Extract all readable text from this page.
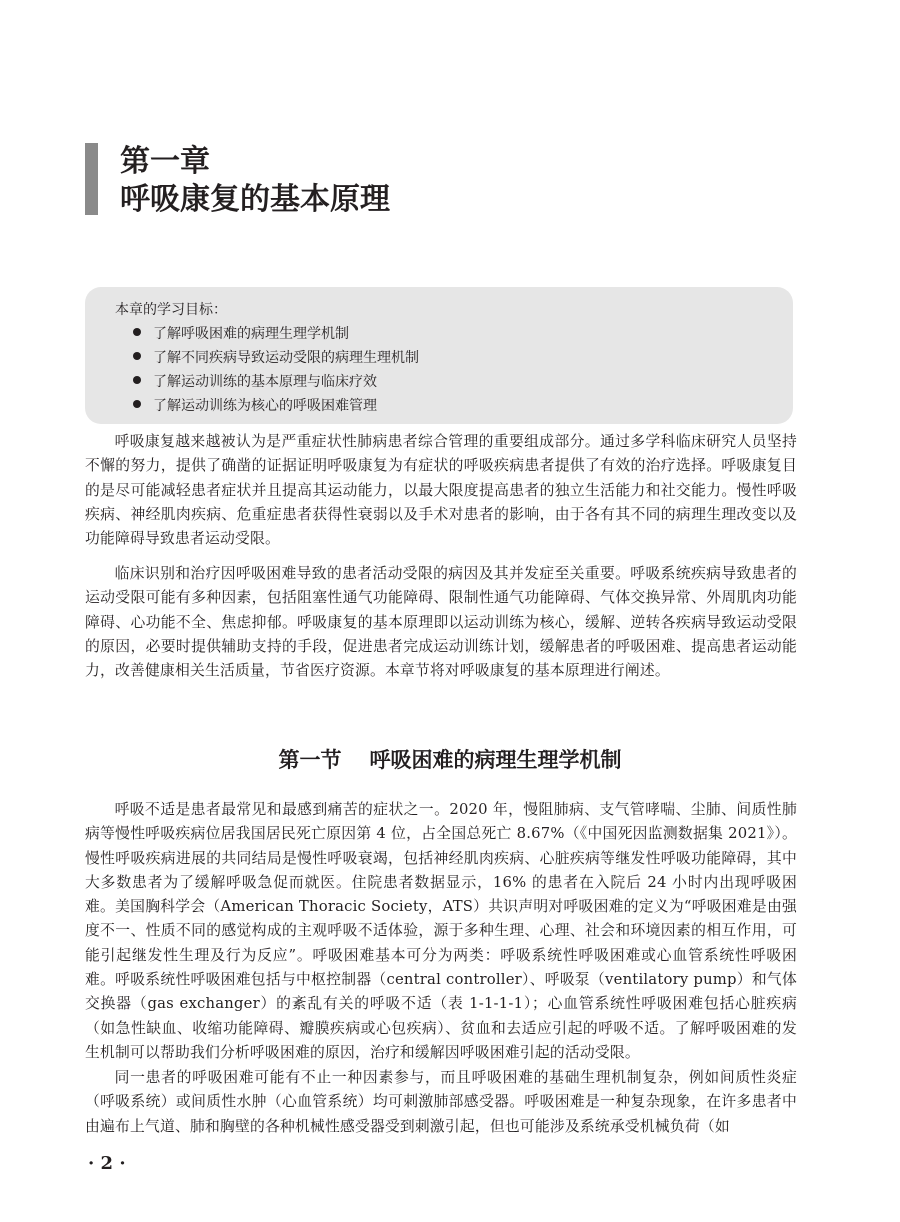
第一章
呼吸康复的基本原理
本章的学习目标：
了解呼吸困难的病理生理学机制
了解不同疾病导致运动受限的病理生理机制
了解运动训练的基本原理与临床疗效
了解运动训练为核心的呼吸困难管理

呼吸康复越来越被认为是严重症状性肺病患者综合管理的重要组成部分。通过多学科临床研究人员坚持不懈的努力，提供了确凿的证据证明呼吸康复为有症状的呼吸疾病患者提供了有效的治疗选择。呼吸康复目的是尽可能减轻患者症状并且提高其运动能力，以最大限度提高患者的独立生活能力和社交能力。慢性呼吸疾病、神经肌肉疾病、危重症患者获得性衰弱以及手术对患者的影响，由于各有其不同的病理生理改变以及功能障碍导致患者运动受限。

临床识别和治疗因呼吸困难导致的患者活动受限的病因及其并发症至关重要。呼吸系统疾病导致患者的运动受限可能有多种因素，包括阻塞性通气功能障碍、限制性通气功能障碍、气体交换异常、外周肌肉功能障碍、心功能不全、焦虑抑郁。呼吸康复的基本原理即以运动训练为核心，缓解、逆转各疾病导致运动受限的原因，必要时提供辅助支持的手段，促进患者完成运动训练计划，缓解患者的呼吸困难、提高患者运动能力，改善健康相关生活质量，节省医疗资源。本章节将对呼吸康复的基本原理进行阐述。

第一节 呼吸困难的病理生理学机制

呼吸不适是患者最常见和最感到痛苦的症状之一。2020 年，慢阻肺病、支气管哮喘、尘肺、间质性肺病等慢性呼吸疾病位居我国居民死亡原因第 4 位，占全国总死亡 8.67%（《中国死因监测数据集 2021》）。慢性呼吸疾病进展的共同结局是慢性呼吸衰竭，包括神经肌肉疾病、心脏疾病等继发性呼吸功能障碍，其中大多数患者为了缓解呼吸急促而就医。住院患者数据显示，16% 的患者在入院后 24 小时内出现呼吸困难。美国胸科学会（American Thoracic Society，ATS）共识声明对呼吸困难的定义为“呼吸困难是由强度不一、性质不同的感觉构成的主观呼吸不适体验，源于多种生理、心理、社会和环境因素的相互作用，可能引起继发性生理及行为反应”。呼吸困难基本可分为两类：呼吸系统性呼吸困难或心血管系统性呼吸困难。呼吸系统性呼吸困难包括与中枢控制器（central controller）、呼吸泵（ventilatory pump）和气体交换器（gas exchanger）的紊乱有关的呼吸不适（表 1-1-1-1）；心血管系统性呼吸困难包括心脏疾病（如急性缺血、收缩功能障碍、瓣膜疾病或心包疾病）、贫血和去适应引起的呼吸不适。了解呼吸困难的发生机制可以帮助我们分析呼吸困难的原因，治疗和缓解因呼吸困难引起的活动受限。

同一患者的呼吸困难可能有不止一种因素参与，而且呼吸困难的基础生理机制复杂，例如间质性炎症（呼吸系统）或间质性水肿（心血管系统）均可刺激肺部感受器。呼吸困难是一种复杂现象，在许多患者中由遍布上气道、肺和胸壁的各种机械性感受器受到刺激引起，但也可能涉及系统承受机械负荷（如

· 2 ·
